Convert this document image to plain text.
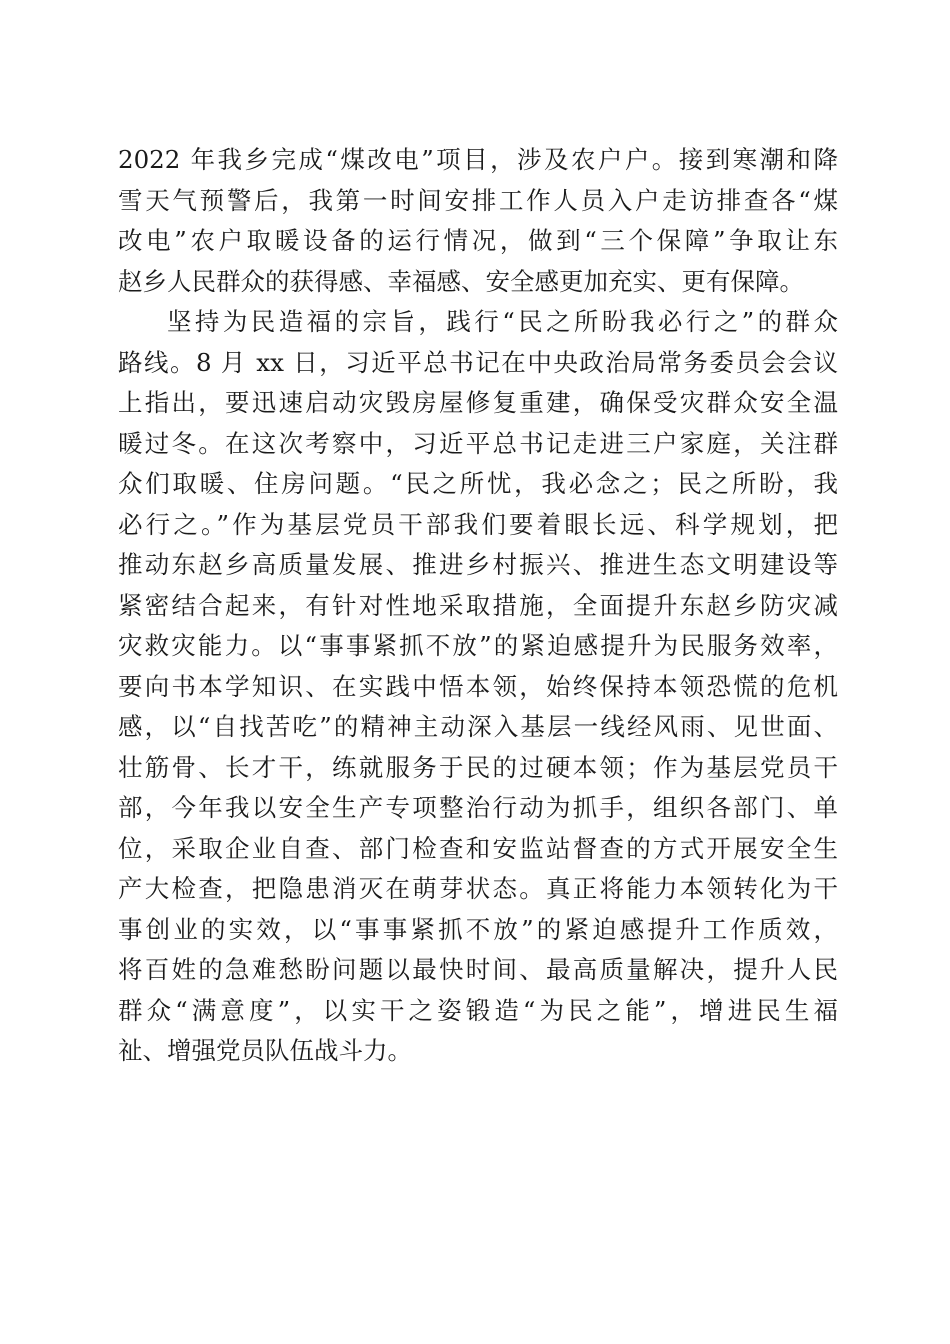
2022 年我乡完成“煤改电”项目，涉及农户户。接到寒潮和降
雪天气预警后，我第一时间安排工作人员入户走访排查各“煤
改电”农户取暖设备的运行情况，做到“三个保障”争取让东
赵乡人民群众的获得感、幸福感、安全感更加充实、更有保障。
坚持为民造福的宗旨，践行“民之所盼我必行之”的群众
路线。8 月 xx 日，习近平总书记在中央政治局常务委员会会议
上指出，要迅速启动灾毁房屋修复重建，确保受灾群众安全温
暖过冬。在这次考察中，习近平总书记走进三户家庭，关注群
众们取暖、住房问题。“民之所忧，我必念之；民之所盼，我
必行之。”作为基层党员干部我们要着眼长远、科学规划，把
推动东赵乡高质量发展、推进乡村振兴、推进生态文明建设等
紧密结合起来，有针对性地采取措施，全面提升东赵乡防灾减
灾救灾能力。以“事事紧抓不放”的紧迫感提升为民服务效率，
要向书本学知识、在实践中悟本领，始终保持本领恐慌的危机
感，以“自找苦吃”的精神主动深入基层一线经风雨、见世面、
壮筋骨、长才干，练就服务于民的过硬本领；作为基层党员干
部，今年我以安全生产专项整治行动为抓手，组织各部门、单
位，采取企业自查、部门检查和安监站督查的方式开展安全生
产大检查，把隐患消灭在萌芽状态。真正将能力本领转化为干
事创业的实效，以“事事紧抓不放”的紧迫感提升工作质效，
将百姓的急难愁盼问题以最快时间、最高质量解决，提升人民
群众“满意度”，以实干之姿锻造“为民之能”，增进民生福
祉、增强党员队伍战斗力。
